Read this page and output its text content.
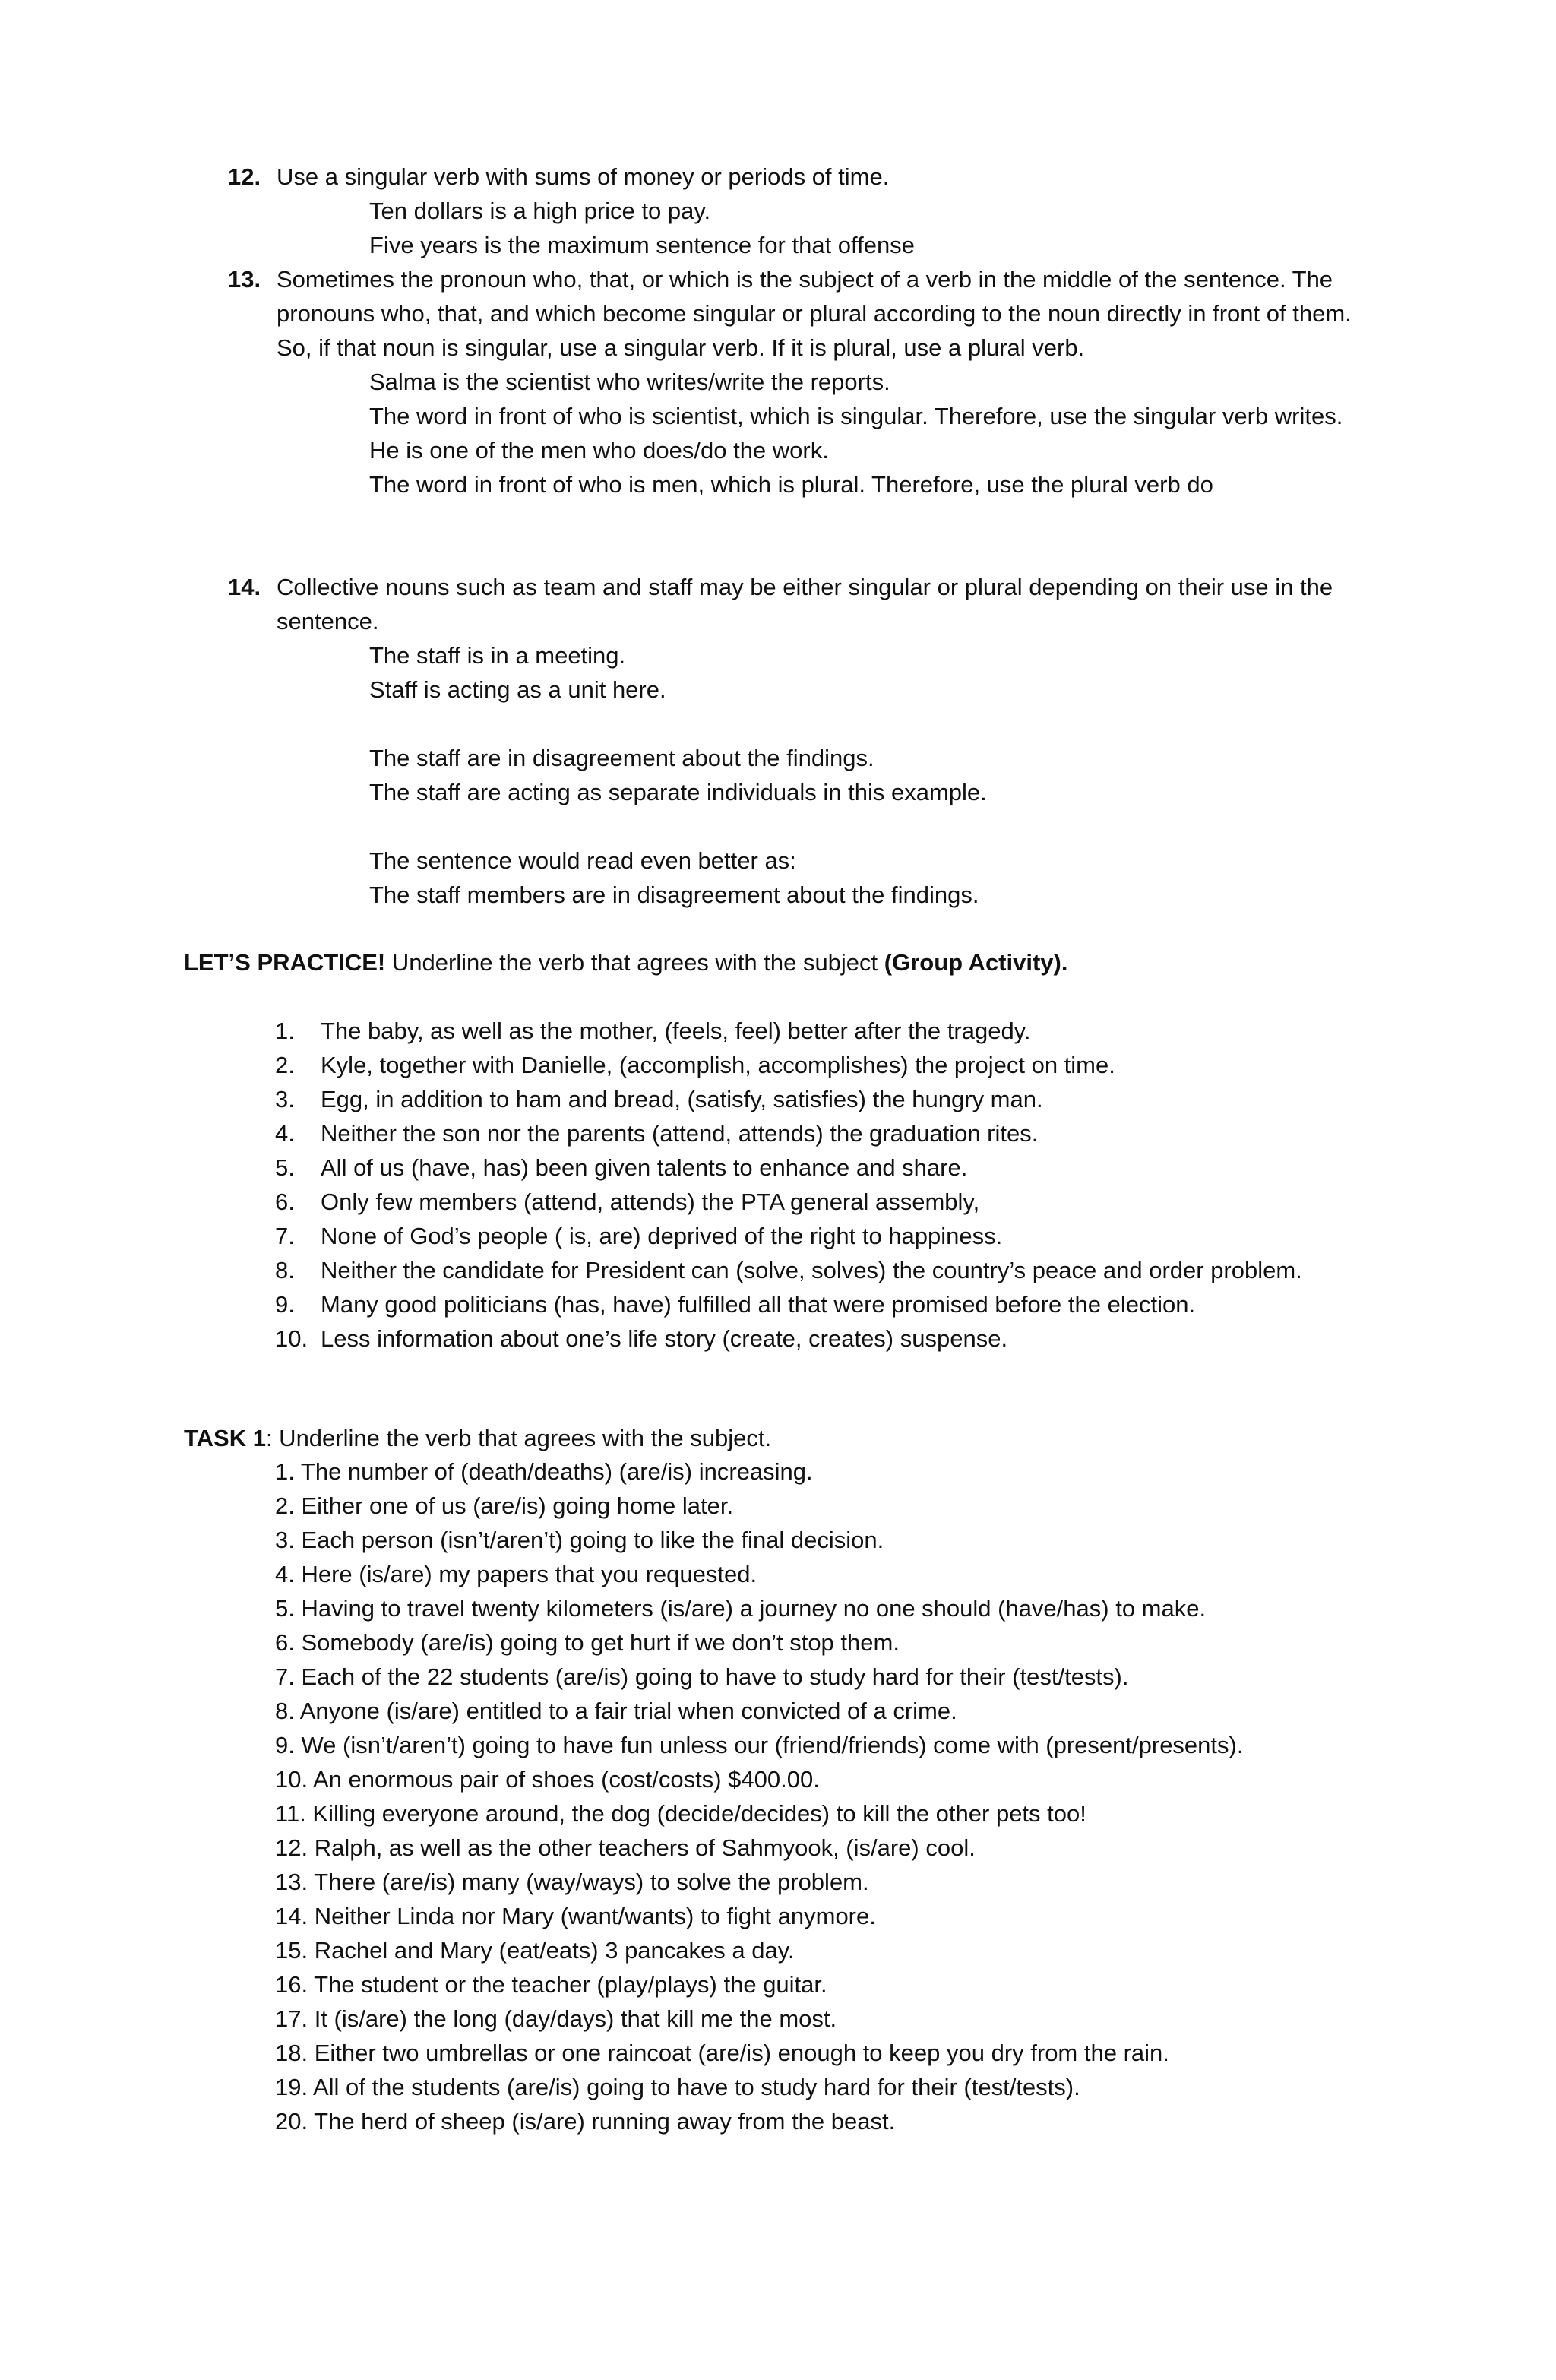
12. Use a singular verb with sums of money or periods of time.
Ten dollars is a high price to pay.
Five years is the maximum sentence for that offense
13. Sometimes the pronoun who, that, or which is the subject of a verb in the middle of the sentence. The pronouns who, that, and which become singular or plural according to the noun directly in front of them. So, if that noun is singular, use a singular verb. If it is plural, use a plural verb.
Salma is the scientist who writes/write the reports.
The word in front of who is scientist, which is singular. Therefore, use the singular verb writes.
He is one of the men who does/do the work.
The word in front of who is men, which is plural. Therefore, use the plural verb do
14. Collective nouns such as team and staff may be either singular or plural depending on their use in the sentence.
The staff is in a meeting.
Staff is acting as a unit here.
The staff are in disagreement about the findings.
The staff are acting as separate individuals in this example.
The sentence would read even better as:
The staff members are in disagreement about the findings.
LET’S PRACTICE! Underline the verb that agrees with the subject (Group Activity).
1.	The baby, as well as the mother, (feels, feel) better after the tragedy.
2.	Kyle, together with Danielle, (accomplish, accomplishes) the project on time.
3.	Egg, in addition to ham and bread, (satisfy, satisfies) the hungry man.
4.	Neither the son nor the parents (attend, attends) the graduation rites.
5.	All of us (have, has) been given talents to enhance and share.
6.	Only few members (attend, attends) the PTA general assembly,
7.	None of God’s people ( is, are) deprived of the right to happiness.
8.	Neither the candidate for President can (solve, solves) the country’s peace and order problem.
9.	Many good politicians (has, have) fulfilled all that were promised before the election.
10. Less information about one’s life story (create, creates) suspense.
TASK 1: Underline the verb that agrees with the subject.
1. The number of (death/deaths) (are/is) increasing.
2. Either one of us (are/is) going home later.
3. Each person (isn’t/aren’t) going to like the final decision.
4. Here (is/are) my papers that you requested.
5. Having to travel twenty kilometers (is/are) a journey no one should (have/has) to make.
6. Somebody (are/is) going to get hurt if we don’t stop them.
7. Each of the 22 students (are/is) going to have to study hard for their (test/tests).
8. Anyone (is/are) entitled to a fair trial when convicted of a crime.
9. We (isn’t/aren’t) going to have fun unless our (friend/friends) come with (present/presents).
10. An enormous pair of shoes (cost/costs) $400.00.
11. Killing everyone around, the dog (decide/decides) to kill the other pets too!
12. Ralph, as well as the other teachers of Sahmyook, (is/are) cool.
13. There (are/is) many (way/ways) to solve the problem.
14. Neither Linda nor Mary (want/wants) to fight anymore.
15. Rachel and Mary (eat/eats) 3 pancakes a day.
16. The student or the teacher (play/plays) the guitar.
17. It (is/are) the long (day/days) that kill me the most.
18. Either two umbrellas or one raincoat (are/is) enough to keep you dry from the rain.
19. All of the students (are/is) going to have to study hard for their (test/tests).
20. The herd of sheep (is/are) running away from the beast.
